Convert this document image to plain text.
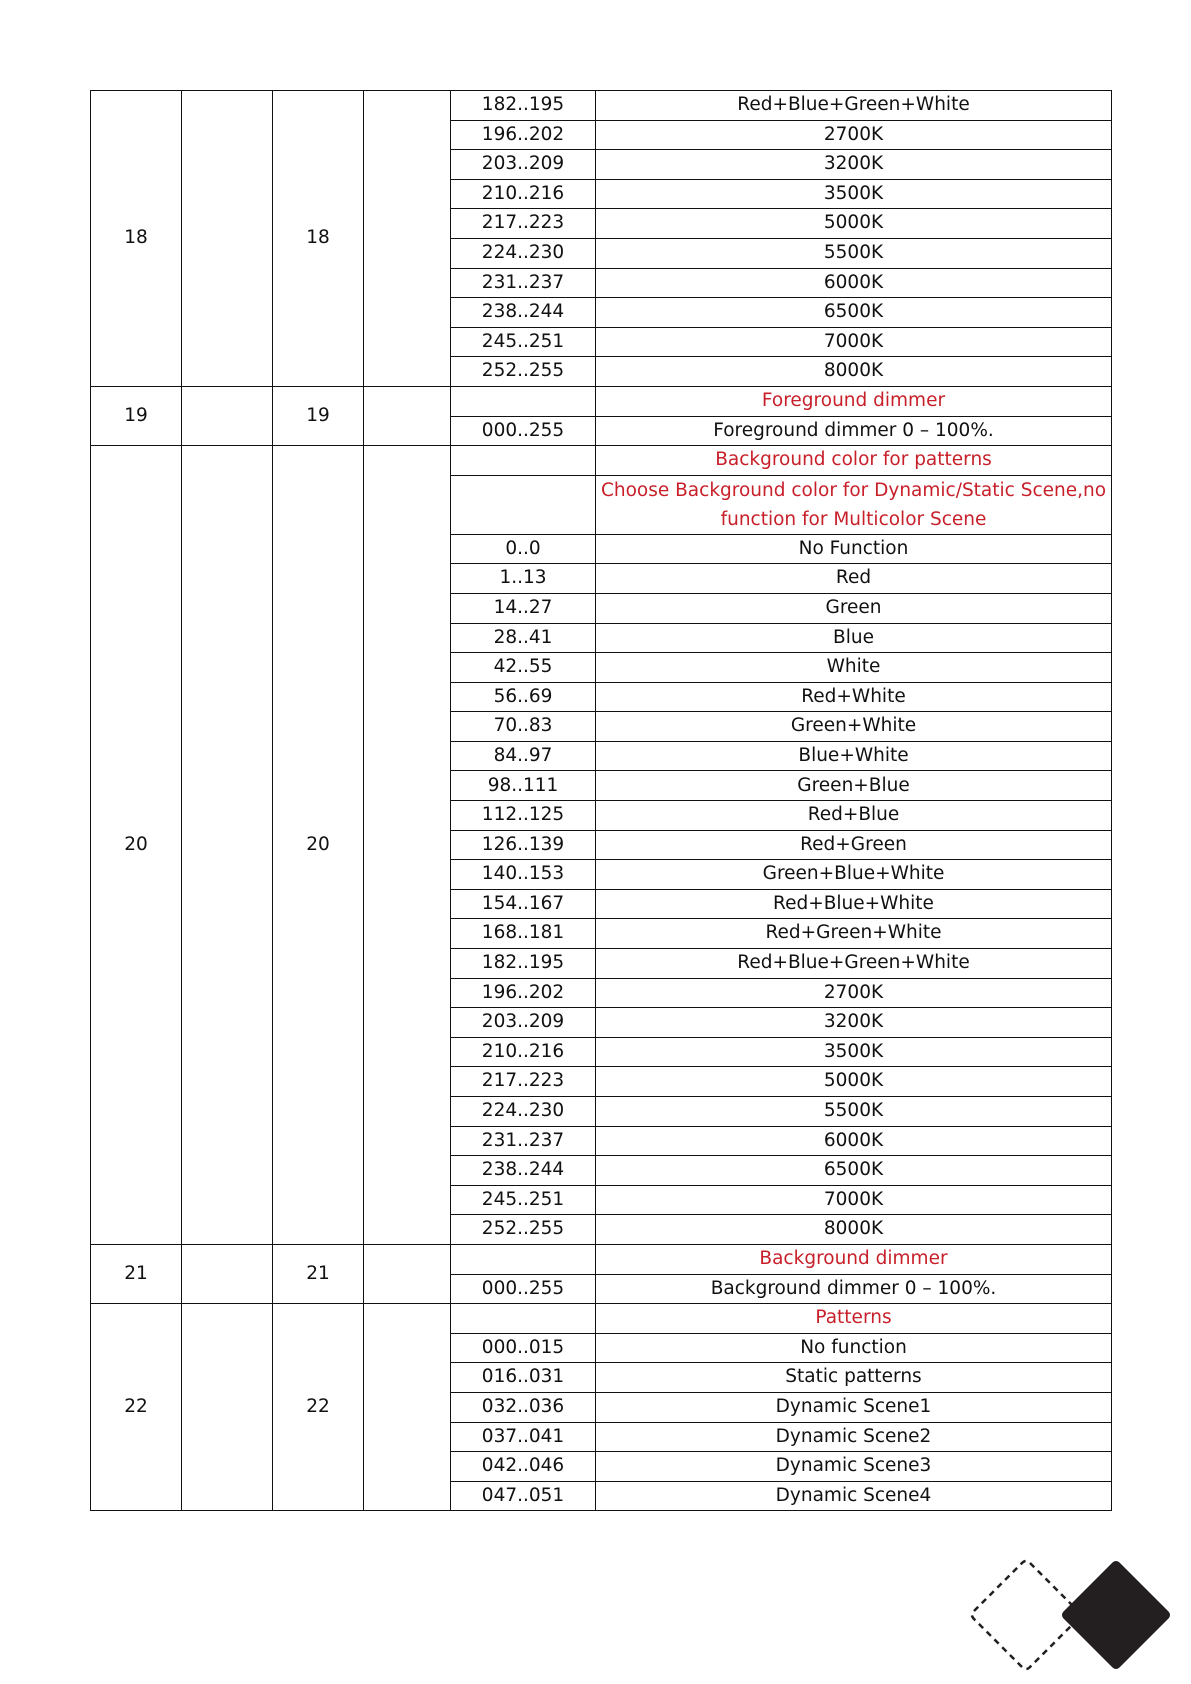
18		18		182..195	Red+Blue+Green+White
				196..202	2700K
				203..209	3200K
				210..216	3500K
				217..223	5000K
				224..230	5500K
				231..237	6000K
				238..244	6500K
				245..251	7000K
				252..255	8000K
19		19			Foreground dimmer
				000..255	Foreground dimmer 0 – 100%.
20		20			Background color for patterns
					Choose Background color for Dynamic/Static Scene,no function for Multicolor Scene
				0..0	No Function
				1..13	Red
				14..27	Green
				28..41	Blue
				42..55	White
				56..69	Red+White
				70..83	Green+White
				84..97	Blue+White
				98..111	Green+Blue
				112..125	Red+Blue
				126..139	Red+Green
				140..153	Green+Blue+White
				154..167	Red+Blue+White
				168..181	Red+Green+White
				182..195	Red+Blue+Green+White
				196..202	2700K
				203..209	3200K
				210..216	3500K
				217..223	5000K
				224..230	5500K
				231..237	6000K
				238..244	6500K
				245..251	7000K
				252..255	8000K
21		21			Background dimmer
				000..255	Background dimmer 0 – 100%.
22		22			Patterns
				000..015	No function
				016..031	Static patterns
				032..036	Dynamic Scene1
				037..041	Dynamic Scene2
				042..046	Dynamic Scene3
				047..051	Dynamic Scene4
